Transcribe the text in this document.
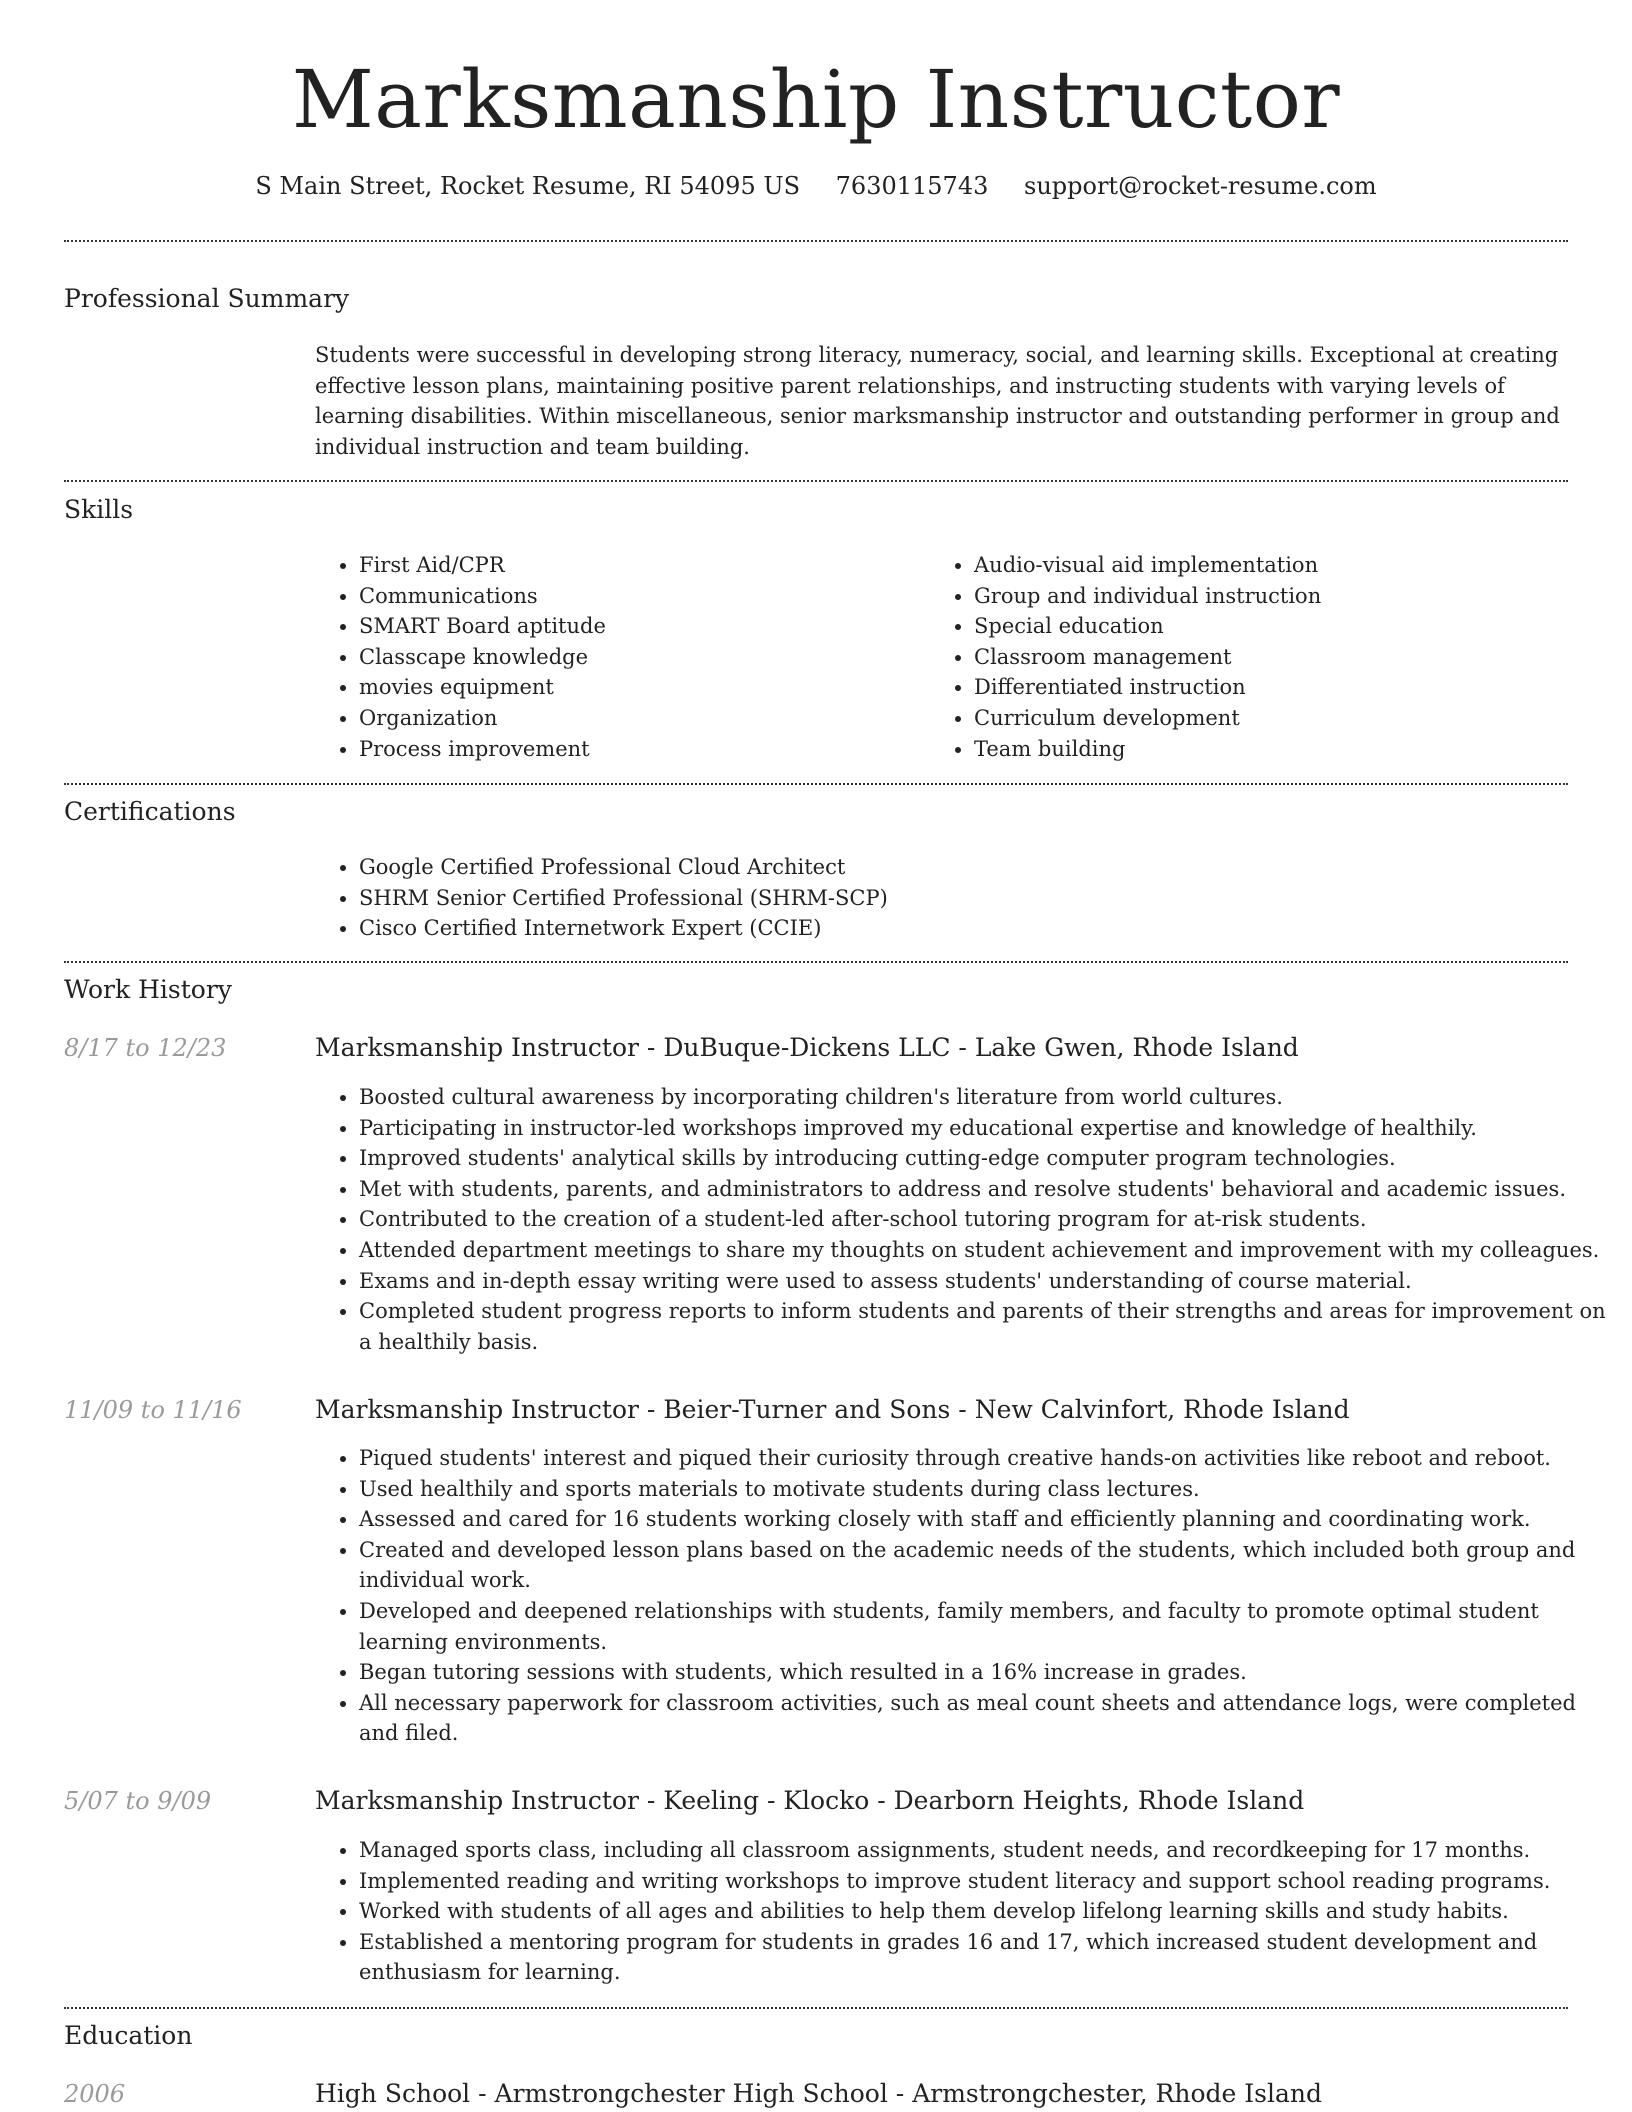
Marksmanship Instructor
S Main Street, Rocket Resume, RI 54095 US 7630115743 support@rocket-resume.com
Professional Summary
Students were successful in developing strong literacy, numeracy, social, and learning skills. Exceptional at creating effective lesson plans, maintaining positive parent relationships, and instructing students with varying levels of learning disabilities. Within miscellaneous, senior marksmanship instructor and outstanding performer in group and individual instruction and team building.
Skills
• First Aid/CPR
• Communications
• SMART Board aptitude
• Classcape knowledge
• movies equipment
• Organization
• Process improvement
• Audio-visual aid implementation
• Group and individual instruction
• Special education
• Classroom management
• Differentiated instruction
• Curriculum development
• Team building
Certifications
• Google Certified Professional Cloud Architect
• SHRM Senior Certified Professional (SHRM-SCP)
• Cisco Certified Internetwork Expert (CCIE)
Work History
8/17 to 12/23	Marksmanship Instructor - DuBuque-Dickens LLC - Lake Gwen, Rhode Island
• Boosted cultural awareness by incorporating children's literature from world cultures.
• Participating in instructor-led workshops improved my educational expertise and knowledge of healthily.
• Improved students' analytical skills by introducing cutting-edge computer program technologies.
• Met with students, parents, and administrators to address and resolve students' behavioral and academic issues.
• Contributed to the creation of a student-led after-school tutoring program for at-risk students.
• Attended department meetings to share my thoughts on student achievement and improvement with my colleagues.
• Exams and in-depth essay writing were used to assess students' understanding of course material.
• Completed student progress reports to inform students and parents of their strengths and areas for improvement on a healthily basis.
11/09 to 11/16	Marksmanship Instructor - Beier-Turner and Sons - New Calvinfort, Rhode Island
• Piqued students' interest and piqued their curiosity through creative hands-on activities like reboot and reboot.
• Used healthily and sports materials to motivate students during class lectures.
• Assessed and cared for 16 students working closely with staff and efficiently planning and coordinating work.
• Created and developed lesson plans based on the academic needs of the students, which included both group and individual work.
• Developed and deepened relationships with students, family members, and faculty to promote optimal student learning environments.
• Began tutoring sessions with students, which resulted in a 16% increase in grades.
• All necessary paperwork for classroom activities, such as meal count sheets and attendance logs, were completed and filed.
5/07 to 9/09	Marksmanship Instructor - Keeling - Klocko - Dearborn Heights, Rhode Island
• Managed sports class, including all classroom assignments, student needs, and recordkeeping for 17 months.
• Implemented reading and writing workshops to improve student literacy and support school reading programs.
• Worked with students of all ages and abilities to help them develop lifelong learning skills and study habits.
• Established a mentoring program for students in grades 16 and 17, which increased student development and enthusiasm for learning.
Education
2006	High School - Armstrongchester High School - Armstrongchester, Rhode Island
